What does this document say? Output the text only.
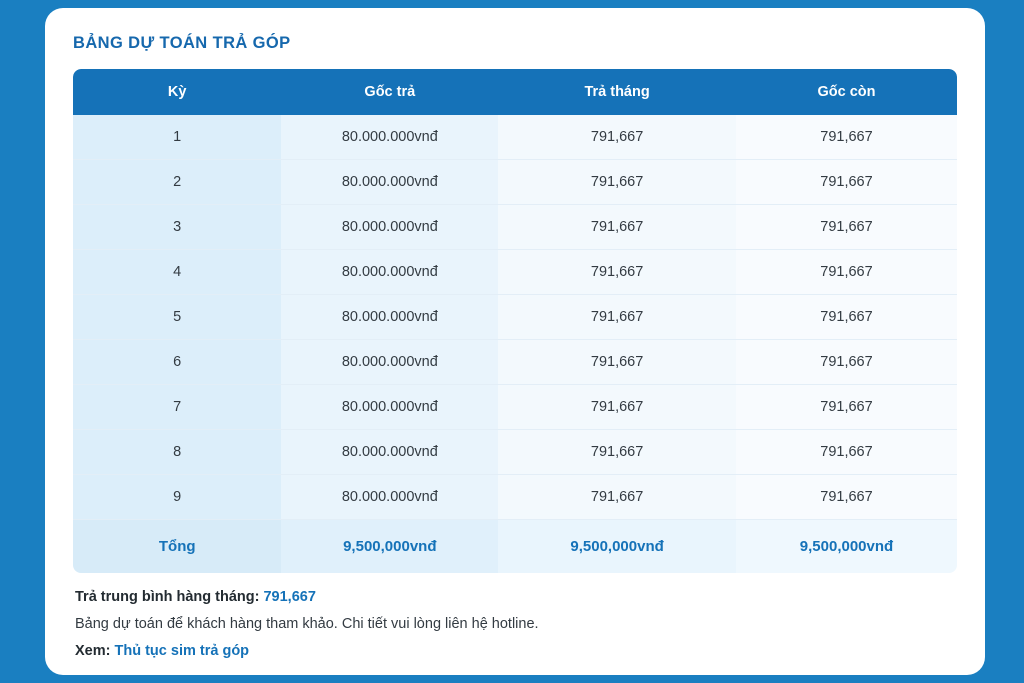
BẢNG DỰ TOÁN TRẢ GÓP
Kỳ	Gốc trả	Trả tháng	Gốc còn
1	80.000.000vnđ	791,667	791,667
2	80.000.000vnđ	791,667	791,667
3	80.000.000vnđ	791,667	791,667
4	80.000.000vnđ	791,667	791,667
5	80.000.000vnđ	791,667	791,667
6	80.000.000vnđ	791,667	791,667
7	80.000.000vnđ	791,667	791,667
8	80.000.000vnđ	791,667	791,667
9	80.000.000vnđ	791,667	791,667
Tổng	9,500,000vnđ	9,500,000vnđ	9,500,000vnđ
Trả trung bình hàng tháng: 791,667
Bảng dự toán để khách hàng tham khảo. Chi tiết vui lòng liên hệ hotline.
Xem: Thủ tục sim trả góp
